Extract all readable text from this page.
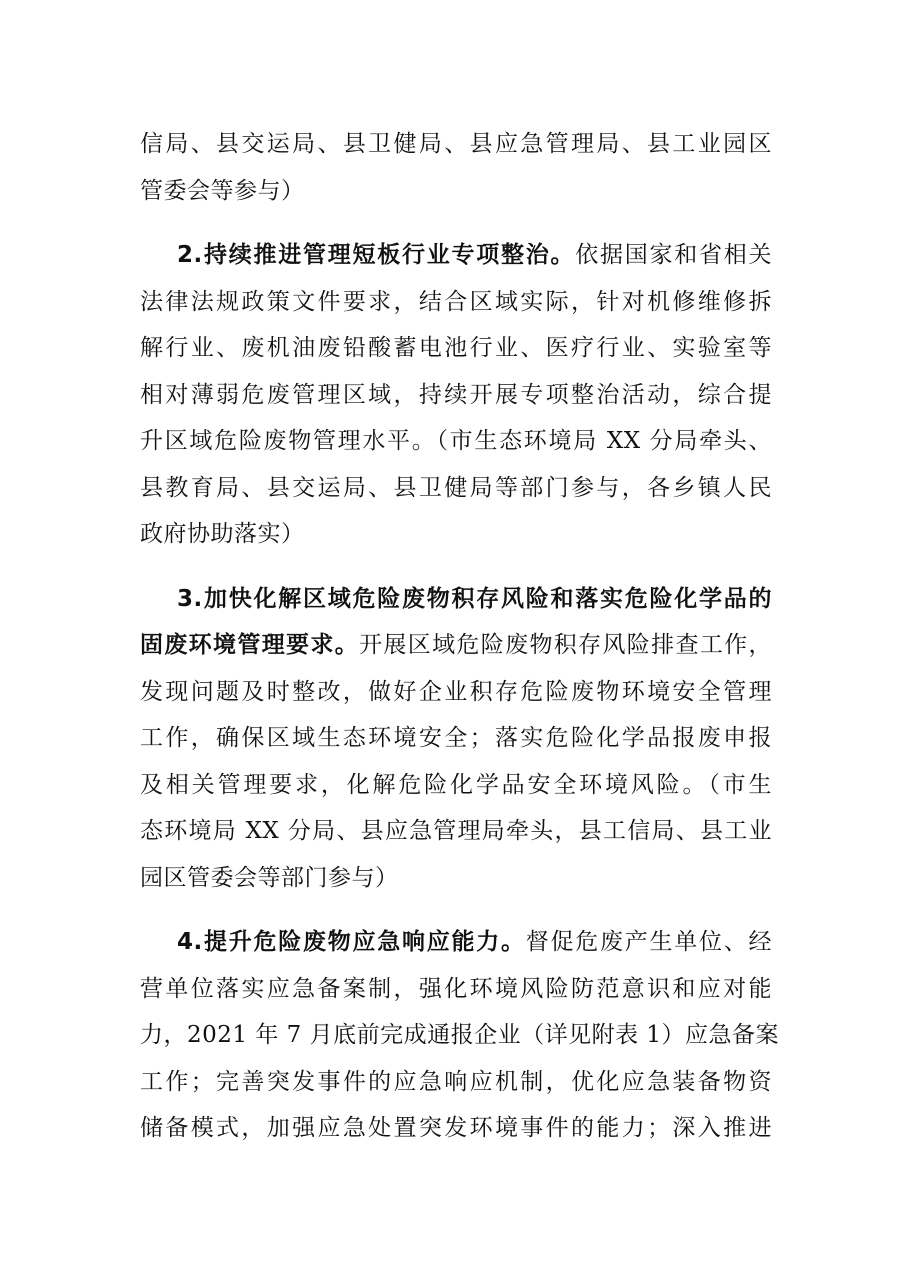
信局、县交运局、县卫健局、县应急管理局、县工业园区
管委会等参与）
2.持续推进管理短板行业专项整治。依据国家和省相关
法律法规政策文件要求，结合区域实际，针对机修维修拆
解行业、废机油废铅酸蓄电池行业、医疗行业、实验室等
相对薄弱危废管理区域，持续开展专项整治活动，综合提
升区域危险废物管理水平。（市生态环境局 XX 分局牵头、
县教育局、县交运局、县卫健局等部门参与，各乡镇人民
政府协助落实）
3.加快化解区域危险废物积存风险和落实危险化学品的
固废环境管理要求。开展区域危险废物积存风险排查工作，
发现问题及时整改，做好企业积存危险废物环境安全管理
工作，确保区域生态环境安全；落实危险化学品报废申报
及相关管理要求，化解危险化学品安全环境风险。（市生
态环境局 XX 分局、县应急管理局牵头，县工信局、县工业
园区管委会等部门参与）
4.提升危险废物应急响应能力。督促危废产生单位、经
营单位落实应急备案制，强化环境风险防范意识和应对能
力，2021 年 7 月底前完成通报企业（详见附表 1）应急备案
工作；完善突发事件的应急响应机制，优化应急装备物资
储备模式，加强应急处置突发环境事件的能力；深入推进
